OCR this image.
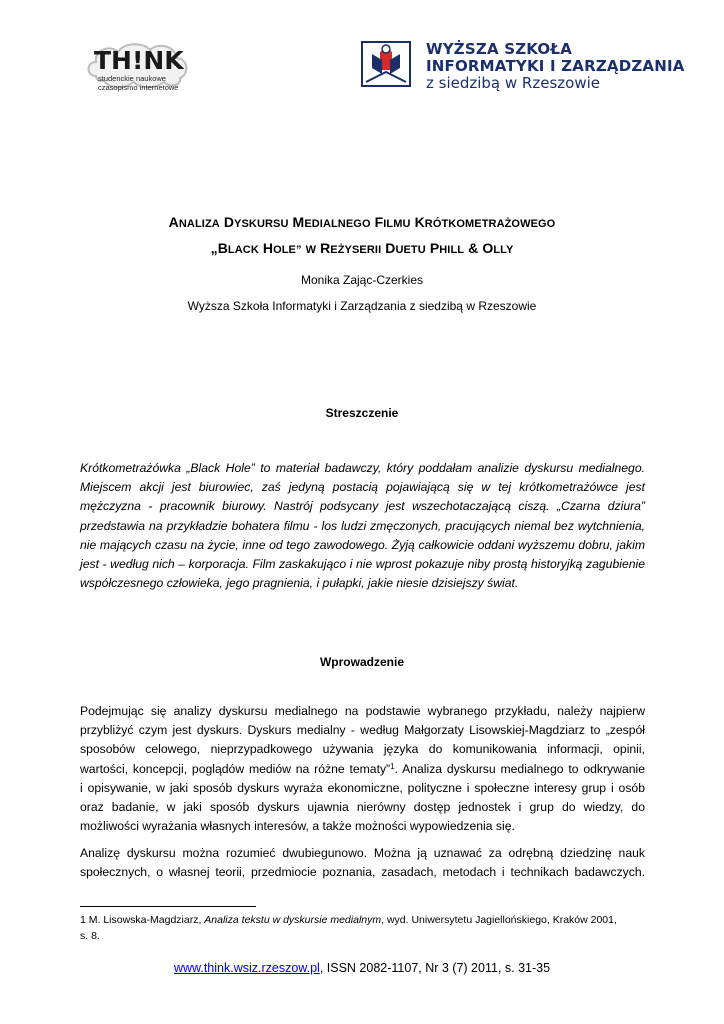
TH!NK
studenckie naukowe
czasopismo internetowe
WYŻSZA SZKOŁA
INFORMATYKI I ZARZĄDZANIA
z siedzibą w Rzeszowie
ANALIZA DYSKURSU MEDIALNEGO FILMU KRÓTKOMETRAŻOWEGO
„BLACK HOLE” W REŻYSERII DUETU PHILL & OLLY
Monika Zając-Czerkies
Wyższa Szkoła Informatyki i Zarządzania z siedzibą w Rzeszowie
Streszczenie
Krótkometrażówka „Black Hole” to materiał badawczy, który poddałam analizie dyskursu medialnego.
Miejscem akcji jest biurowiec, zaś jedyną postacią pojawiającą się w tej krótkometrażówce jest
mężczyzna - pracownik biurowy. Nastrój podsycany jest wszechotaczającą ciszą. „Czarna dziura”
przedstawia na przykładzie bohatera filmu - los ludzi zmęczonych, pracujących niemal bez wytchnienia,
nie mających czasu na życie, inne od tego zawodowego. Żyją całkowicie oddani wyższemu dobru, jakim
jest - według nich – korporacja. Film zaskakująco i nie wprost pokazuje niby prostą historyjką zagubienie
współczesnego człowieka, jego pragnienia, i pułapki, jakie niesie dzisiejszy świat.
Wprowadzenie
Podejmując się analizy dyskursu medialnego na podstawie wybranego przykładu, należy najpierw
przybliżyć czym jest dyskurs. Dyskurs medialny - według Małgorzaty Lisowskiej-Magdziarz to „zespół
sposobów celowego, nieprzypadkowego używania języka do komunikowania informacji, opinii,
wartości, koncepcji, poglądów mediów na różne tematy”$^1$. Analiza dyskursu medialnego to odkrywanie
i opisywanie, w jaki sposób dyskurs wyraża ekonomiczne, polityczne i społeczne interesy grup i osób
oraz badanie, w jaki sposób dyskurs ujawnia nierówny dostęp jednostek i grup do wiedzy, do
możliwości wyrażania własnych interesów, a także możności wypowiedzenia się.
Analizę dyskursu można rozumieć dwubiegunowo. Można ją uznawać za odrębną dziedzinę nauk
społecznych, o własnej teorii, przedmiocie poznania, zasadach, metodach i technikach badawczych.
1 M. Lisowska-Magdziarz, Analiza tekstu w dyskursie medialnym, wyd. Uniwersytetu Jagiellońskiego, Kraków 2001,
s. 8.
www.think.wsiz.rzeszow.pl, ISSN 2082-1107, Nr 3 (7) 2011, s. 31-35
